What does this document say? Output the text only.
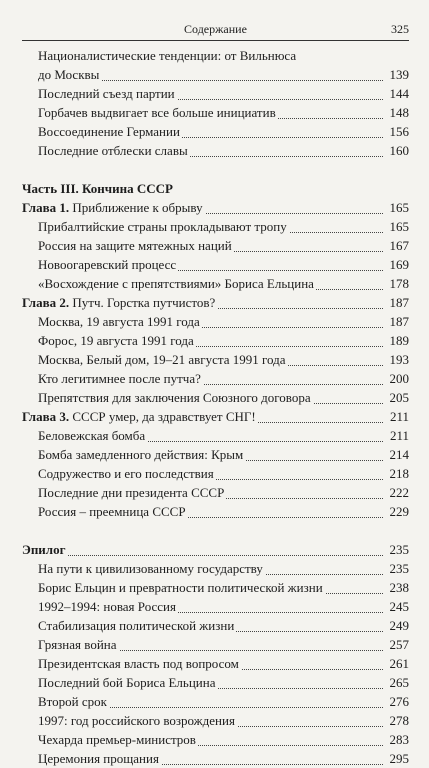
Содержание	325
Националистические тенденции: от Вильнюса
до Москвы	139
Последний съезд партии	144
Горбачев выдвигает все больше инициатив	148
Воссоединение Германии	156
Последние отблески славы	160
Часть III. Кончина СССР
Глава 1. Приближение к обрыву	165
Прибалтийские страны прокладывают тропу	165
Россия на защите мятежных наций	167
Новоогаревский процесс	169
«Восхождение с препятствиями» Бориса Ельцина	178
Глава 2. Путч. Горстка путчистов?	187
Москва, 19 августа 1991 года	187
Форос, 19 августа 1991 года	189
Москва, Белый дом, 19–21 августа 1991 года	193
Кто легитимнее после путча?	200
Препятствия для заключения Союзного договора	205
Глава 3. СССР умер, да здравствует СНГ!	211
Беловежская бомба	211
Бомба замедленного действия: Крым	214
Содружество и его последствия	218
Последние дни президента СССР	222
Россия – преемница СССР	229
Эпилог	235
На пути к цивилизованному государству	235
Борис Ельцин и превратности политической жизни	238
1992–1994: новая Россия	245
Стабилизация политической жизни	249
Грязная война	257
Президентская власть под вопросом	261
Последний бой Бориса Ельцина	265
Второй срок	276
1997: год российского возрождения	278
Чехарда премьер-министров	283
Церемония прощания	295
